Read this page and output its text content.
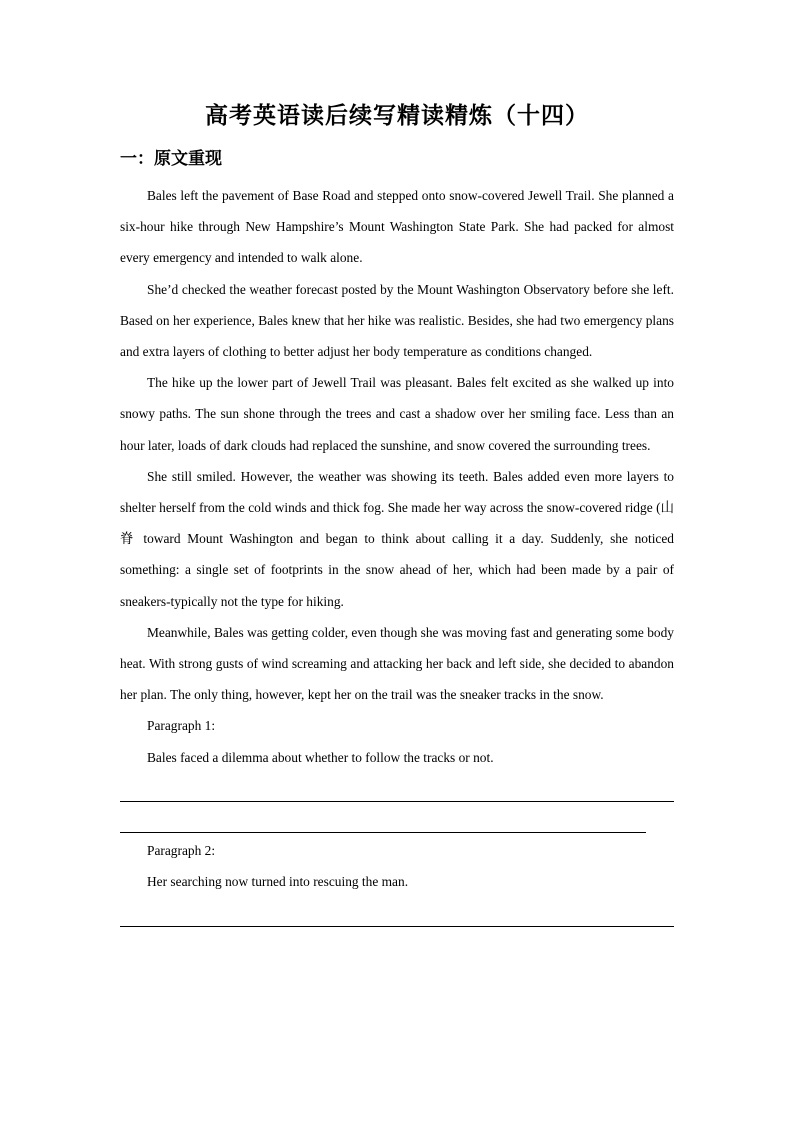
高考英语读后续写精读精炼（十四）
一：原文重现

Bales left the pavement of Base Road and stepped onto snow-covered Jewell Trail. She planned a six-hour hike through New Hampshire’s Mount Washington State Park. She had packed for almost every emergency and intended to walk alone.

She’d checked the weather forecast posted by the Mount Washington Observatory before she left. Based on her experience, Bales knew that her hike was realistic. Besides, she had two emergency plans and extra layers of clothing to better adjust her body temperature as conditions changed.

The hike up the lower part of Jewell Trail was pleasant. Bales felt excited as she walked up into snowy paths. The sun shone through the trees and cast a shadow over her smiling face. Less than an hour later, loads of dark clouds had replaced the sunshine, and snow covered the surrounding trees.

She still smiled. However, the weather was showing its teeth. Bales added even more layers to shelter herself from the cold winds and thick fog. She made her way across the snow-covered ridge (山脊 toward Mount Washington and began to think about calling it a day. Suddenly, she noticed something: a single set of footprints in the snow ahead of her, which had been made by a pair of sneakers-typically not the type for hiking.

Meanwhile, Bales was getting colder, even though she was moving fast and generating some body heat. With strong gusts of wind screaming and attacking her back and left side, she decided to abandon her plan. The only thing, however, kept her on the trail was the sneaker tracks in the snow.

Paragraph 1:

Bales faced a dilemma about whether to follow the tracks or not.

Paragraph 2:

Her searching now turned into rescuing the man.
